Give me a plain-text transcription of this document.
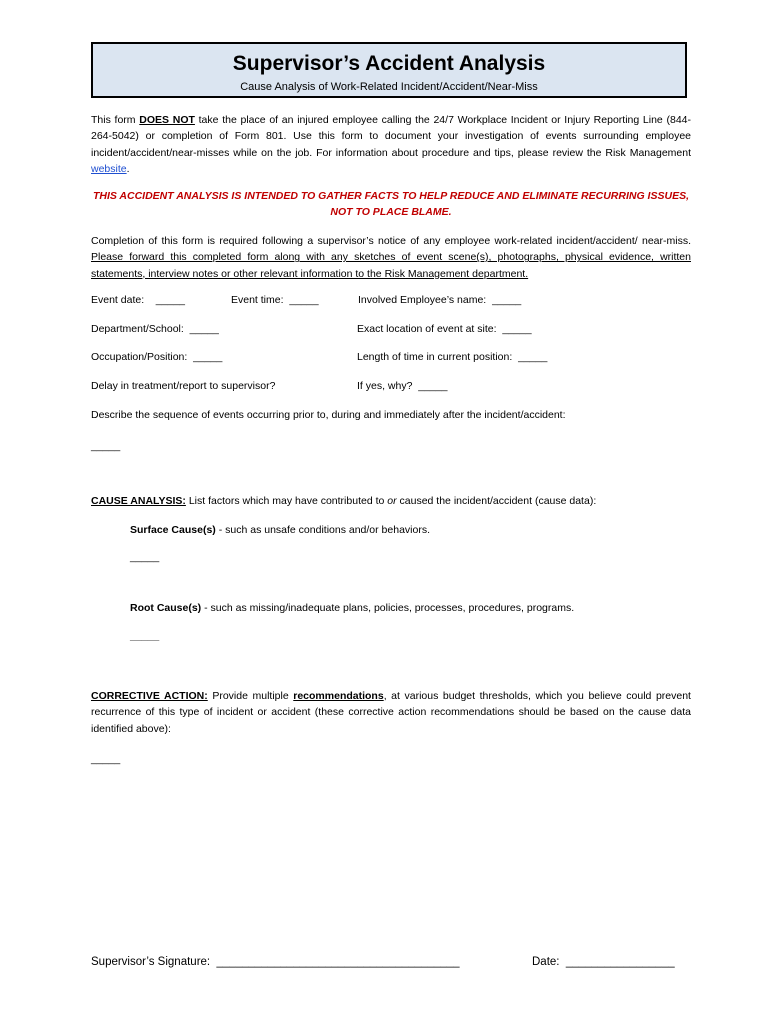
Supervisor’s Accident Analysis
Cause Analysis of Work-Related Incident/Accident/Near-Miss
This form DOES NOT take the place of an injured employee calling the 24/7 Workplace Incident or Injury Reporting Line (844-264-5042) or completion of Form 801. Use this form to document your investigation of events surrounding employee incident/accident/near-misses while on the job. For information about procedure and tips, please review the Risk Management website.
THIS ACCIDENT ANALYSIS IS INTENDED TO GATHER FACTS TO HELP REDUCE AND ELIMINATE RECURRING ISSUES,
NOT TO PLACE BLAME.
Completion of this form is required following a supervisor’s notice of any employee work-related incident/accident/ near-miss. Please forward this completed form along with any sketches of event scene(s), photographs, physical evidence, written statements, interview notes or other relevant information to the Risk Management department.
Event date: _____	Event time: _____	Involved Employee’s name: _____
Department/School: _____	Exact location of event at site: _____
Occupation/Position: _____	Length of time in current position: _____
Delay in treatment/report to supervisor?	If yes, why? _____
Describe the sequence of events occurring prior to, during and immediately after the incident/accident:
_____
CAUSE ANALYSIS: List factors which may have contributed to or caused the incident/accident (cause data):
Surface Cause(s) - such as unsafe conditions and/or behaviors.
_____
Root Cause(s) - such as missing/inadequate plans, policies, processes, procedures, programs.
_____
CORRECTIVE ACTION: Provide multiple recommendations, at various budget thresholds, which you believe could prevent recurrence of this type of incident or accident (these corrective action recommendations should be based on the cause data identified above):
_____
Supervisor’s Signature: ______________________________________	Date: _________________
